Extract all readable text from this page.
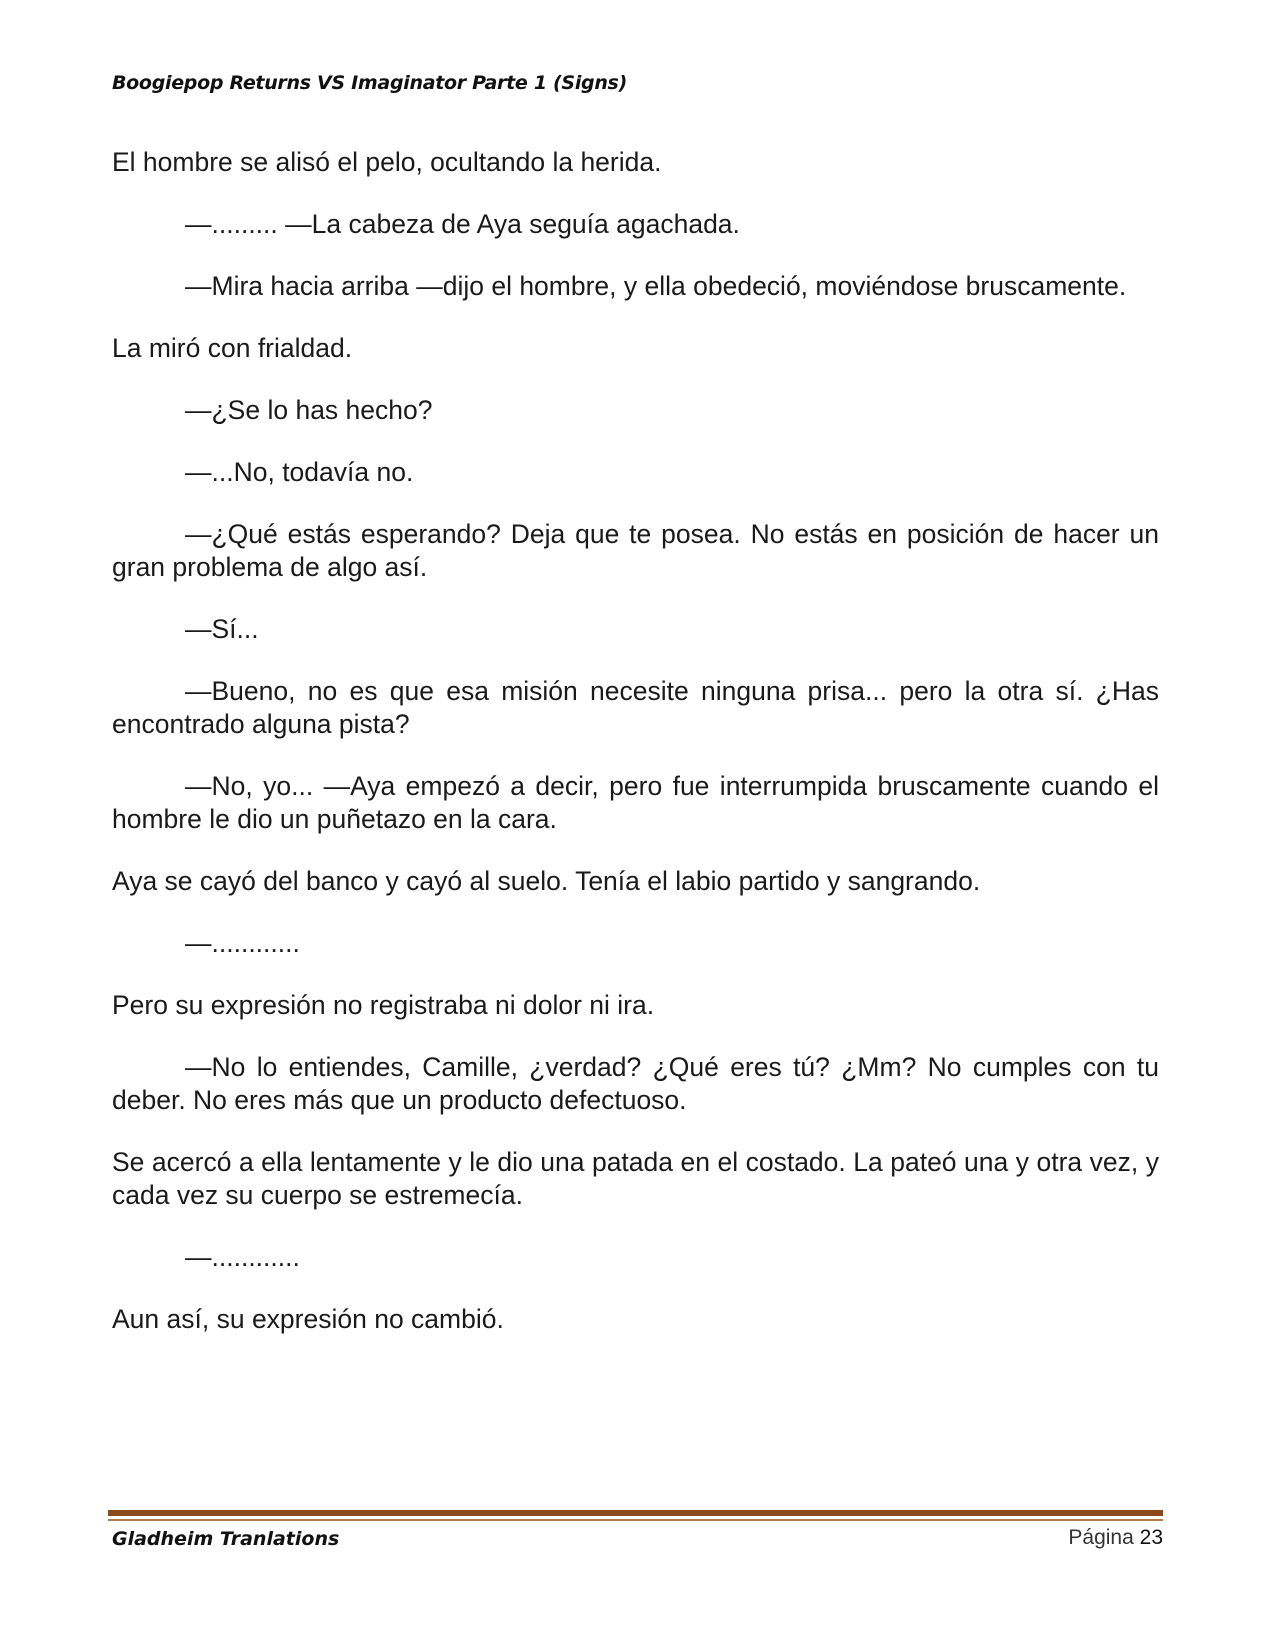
Boogiepop Returns VS Imaginator Parte 1 (Signs)

El hombre se alisó el pelo, ocultando la herida.

—......... —La cabeza de Aya seguía agachada.

—Mira hacia arriba —dijo el hombre, y ella obedeció, moviéndose bruscamente.

La miró con frialdad.

—¿Se lo has hecho?

—...No, todavía no.

—¿Qué estás esperando? Deja que te posea. No estás en posición de hacer un gran problema de algo así.

—Sí...

—Bueno, no es que esa misión necesite ninguna prisa... pero la otra sí. ¿Has encontrado alguna pista?

—No, yo... —Aya empezó a decir, pero fue interrumpida bruscamente cuando el hombre le dio un puñetazo en la cara.

Aya se cayó del banco y cayó al suelo. Tenía el labio partido y sangrando.

—............

Pero su expresión no registraba ni dolor ni ira.

—No lo entiendes, Camille, ¿verdad? ¿Qué eres tú? ¿Mm? No cumples con tu deber. No eres más que un producto defectuoso.

Se acercó a ella lentamente y le dio una patada en el costado. La pateó una y otra vez, y cada vez su cuerpo se estremecía.

—............

Aun así, su expresión no cambió.

Gladheim Tranlations	Página 23
